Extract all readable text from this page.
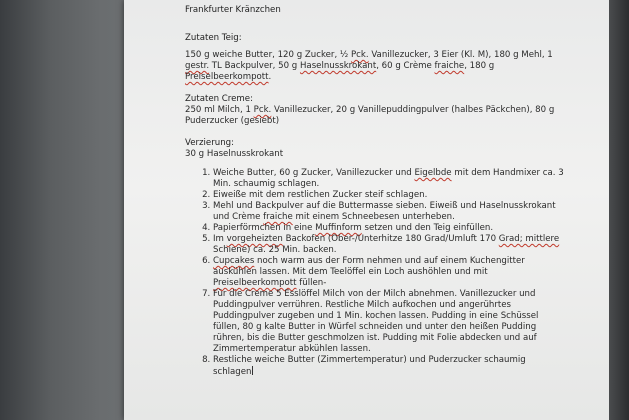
Frankfurter Kränzchen
Zutaten Teig:

150 g weiche Butter, 120 g Zucker, ½ Pck. Vanillezucker, 3 Eier (Kl. M), 180 g Mehl, 1

gestr. TL Backpulver, 50 g Haselnusskrokant, 60 g Crème fraiche, 180 g

Preiselbeerkompott.

Zutaten Creme:

250 ml Milch, 1 Pck. Vanillezucker, 20 g Vanillepuddingpulver (halbes Päckchen), 80 g

Puderzucker (gesiebt)

Verzierung:

30 g Haselnusskrokant

1. Weiche Butter, 60 g Zucker, Vanillezucker und Eigelbde mit dem Handmixer ca. 3
Min. schaumig schlagen.
2. Eiweiße mit dem restlichen Zucker steif schlagen.
3. Mehl und Backpulver auf die Buttermasse sieben. Eiweiß und Haselnusskrokant
und Crème fraiche mit einem Schneebesen unterheben.
4. Papierförmchen in eine Muffinform setzen und den Teig einfüllen.
5. Im vorgeheizten Backofen (Ober-/Unterhitze 180 Grad/Umluft 170 Grad; mittlere
Schiene) ca. 25 Min. backen.
6. Cupcakes noch warm aus der Form nehmen und auf einem Kuchengitter
auskühlen lassen. Mit dem Teelöffel ein Loch aushöhlen und mit
Preiselbeerkompott füllen-
7. Für die Creme 5 Esslöffel Milch von der Milch abnehmen. Vanillezucker und
Puddingpulver verrühren. Restliche Milch aufkochen und angerührtes
Puddingpulver zugeben und 1 Min. kochen lassen. Pudding in eine Schüssel
füllen, 80 g kalte Butter in Würfel schneiden und unter den heißen Pudding
rühren, bis die Butter geschmolzen ist. Pudding mit Folie abdecken und auf
Zimmertemperatur abkühlen lassen.
8. Restliche weiche Butter (Zimmertemperatur) und Puderzucker schaumig
schlagen
